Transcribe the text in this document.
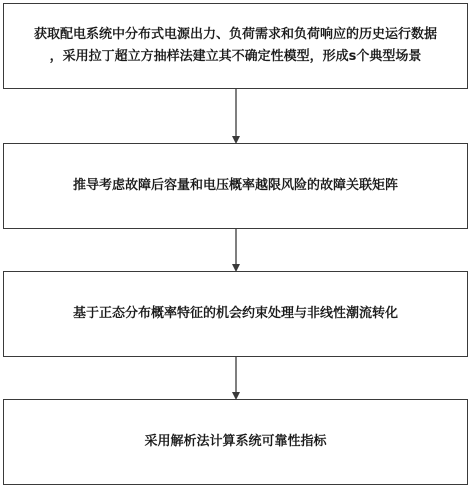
获取配电系统中分布式电源出力、负荷需求和负荷响应的历史运行数据
，采用拉丁超立方抽样法建立其不确定性模型，形成s个典型场景
推导考虑故障后容量和电压概率越限风险的故障关联矩阵
基于正态分布概率特征的机会约束处理与非线性潮流转化
采用解析法计算系统可靠性指标
